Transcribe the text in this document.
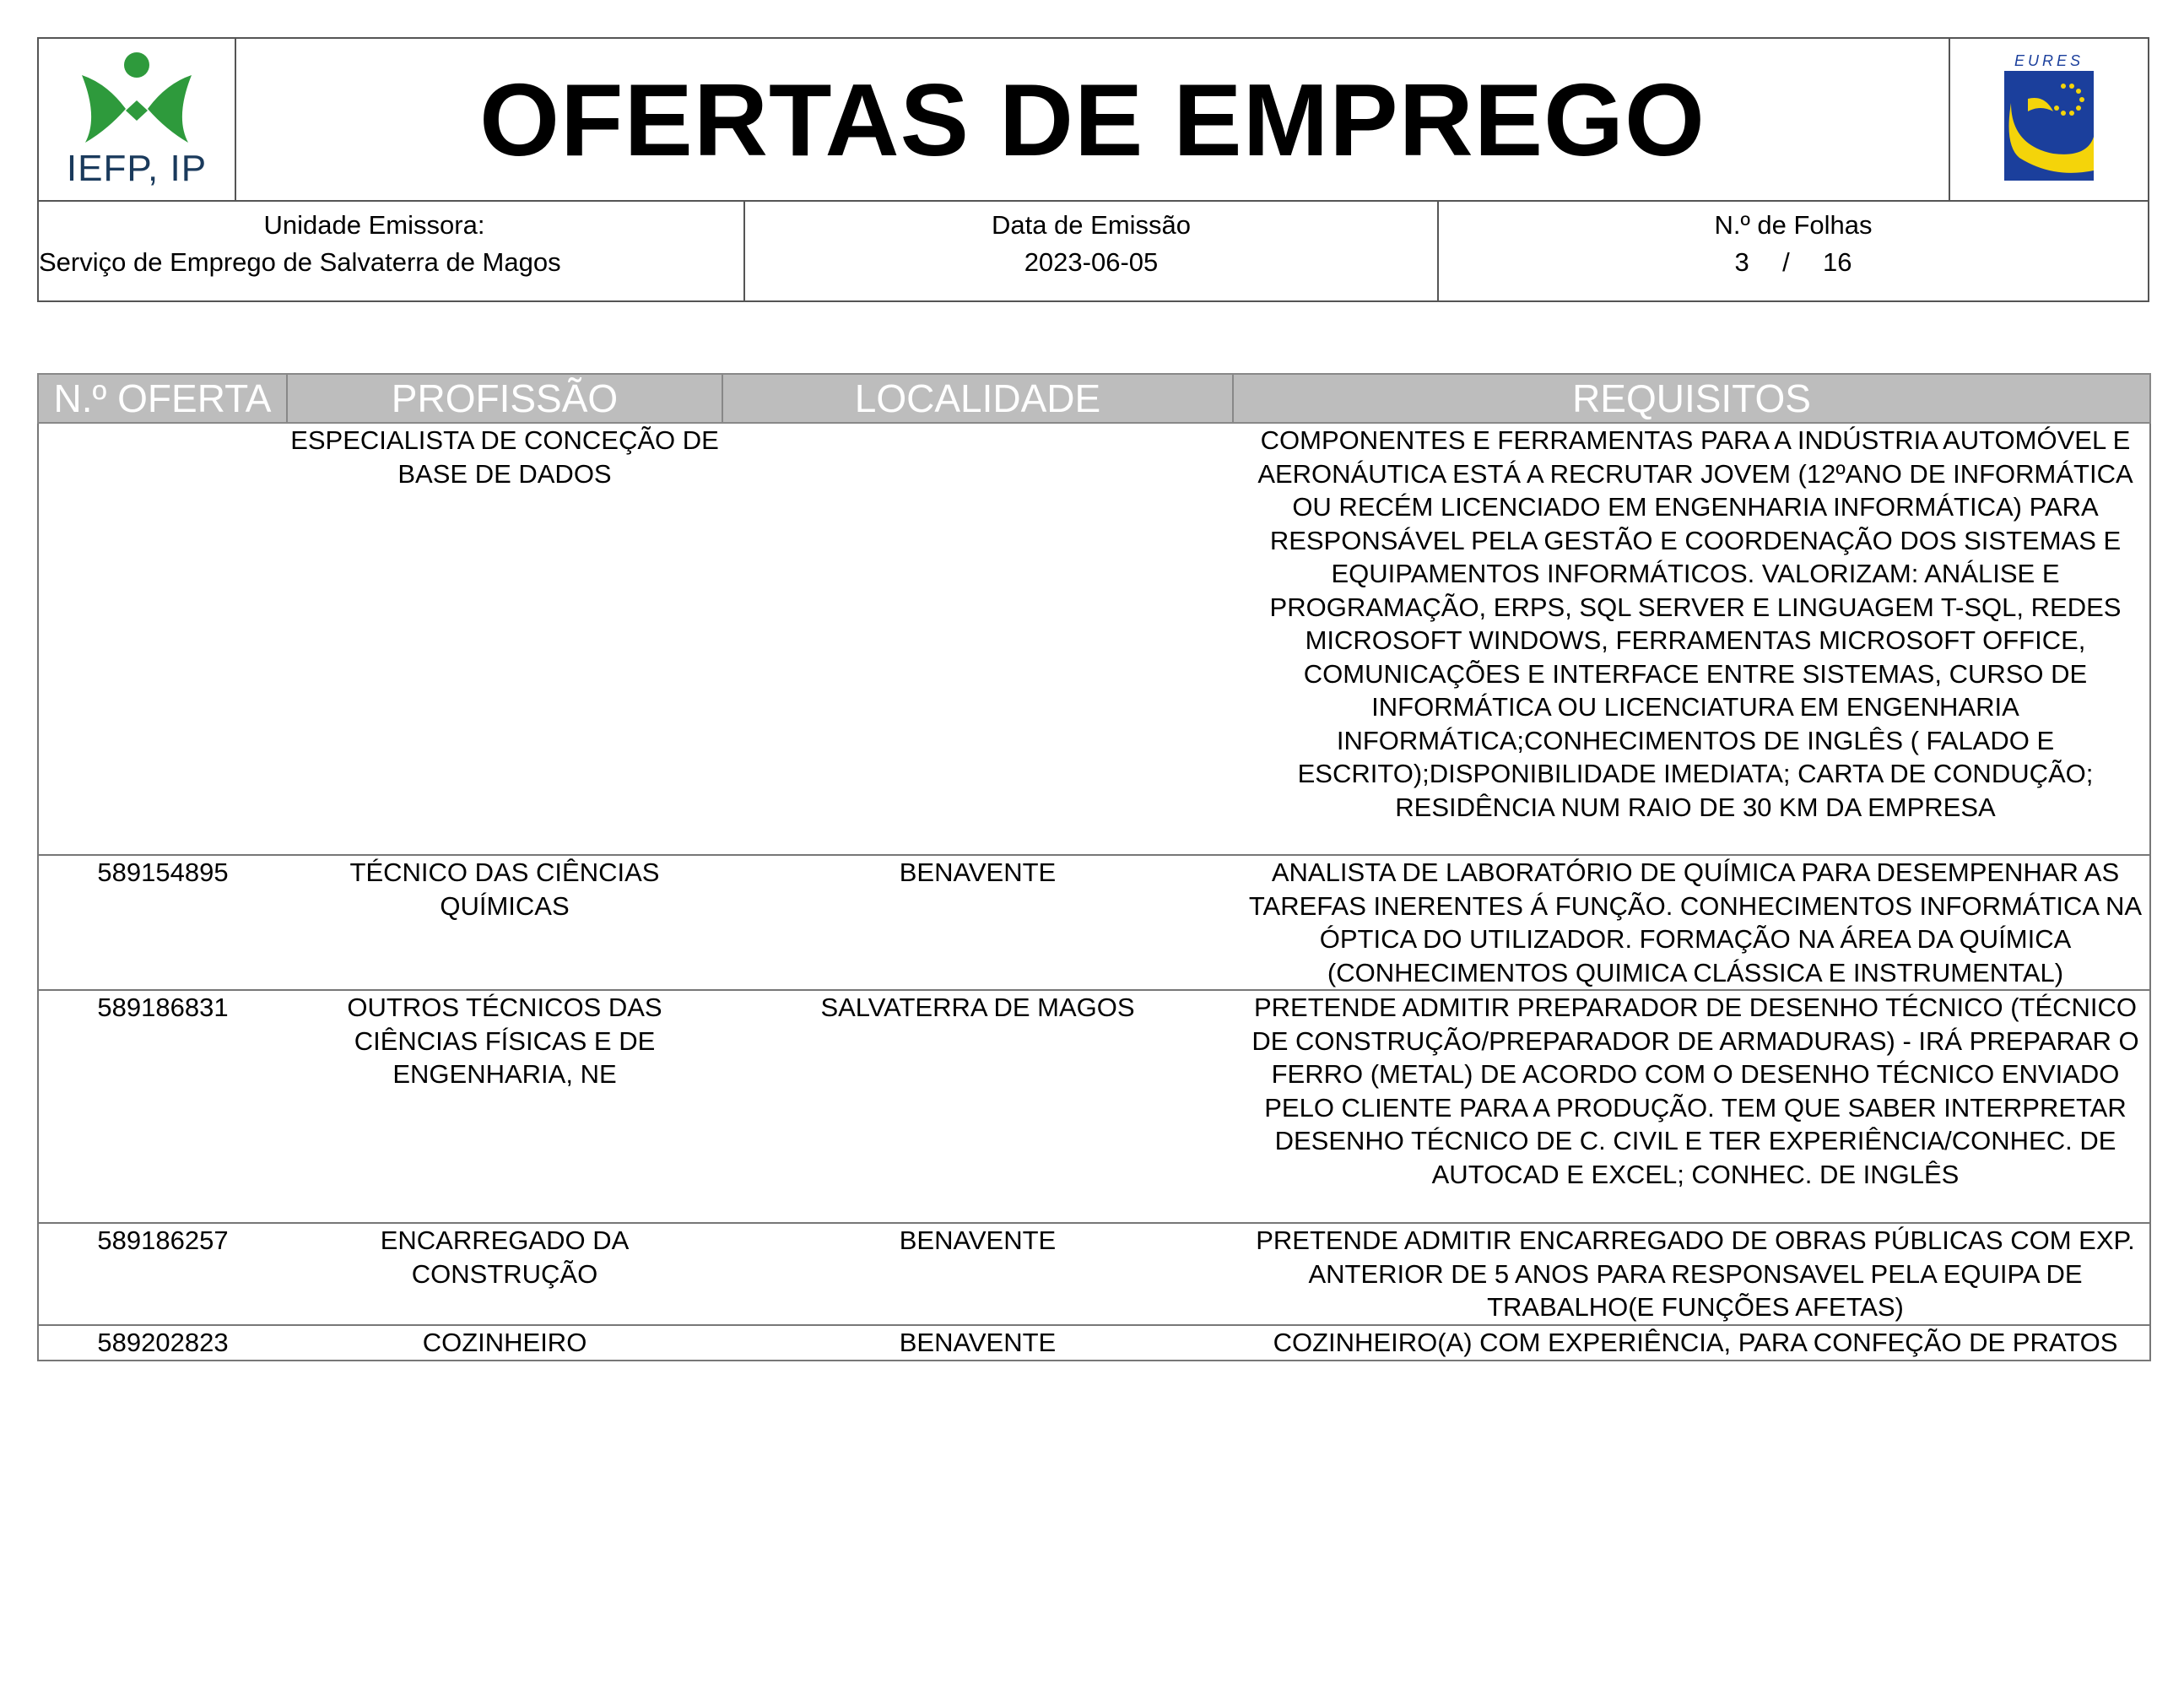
IEFP, IP	OFERTAS DE EMPREGO
EURES
Unidade Emissora:
Serviço de Emprego de Salvaterra de Magos
Data de Emissão
2023-06-05
N.º de Folhas
3 / 16
N.º OFERTA	PROFISSÃO	LOCALIDADE	REQUISITOS
	ESPECIALISTA DE CONCEÇÃO DE BASE DE DADOS		COMPONENTES E FERRAMENTAS PARA A INDÚSTRIA AUTOMÓVEL E AERONÁUTICA ESTÁ A RECRUTAR JOVEM (12ºANO DE INFORMÁTICA OU RECÉM LICENCIADO EM ENGENHARIA INFORMÁTICA) PARA RESPONSÁVEL PELA GESTÃO E COORDENAÇÃO DOS SISTEMAS E EQUIPAMENTOS INFORMÁTICOS. VALORIZAM: ANÁLISE E PROGRAMAÇÃO, ERPS, SQL SERVER E LINGUAGEM T-SQL, REDES MICROSOFT WINDOWS, FERRAMENTAS MICROSOFT OFFICE, COMUNICAÇÕES E INTERFACE ENTRE SISTEMAS, CURSO DE INFORMÁTICA OU LICENCIATURA EM ENGENHARIA INFORMÁTICA;CONHECIMENTOS DE INGLÊS ( FALADO E ESCRITO);DISPONIBILIDADE IMEDIATA; CARTA DE CONDUÇÃO; RESIDÊNCIA NUM RAIO DE 30 KM DA EMPRESA
589154895	TÉCNICO DAS CIÊNCIAS QUÍMICAS	BENAVENTE	ANALISTA DE LABORATÓRIO DE QUÍMICA PARA DESEMPENHAR AS TAREFAS INERENTES Á FUNÇÃO. CONHECIMENTOS INFORMÁTICA NA ÓPTICA DO UTILIZADOR. FORMAÇÃO NA ÁREA DA QUÍMICA (CONHECIMENTOS QUIMICA CLÁSSICA E INSTRUMENTAL)
589186831	OUTROS TÉCNICOS DAS CIÊNCIAS FÍSICAS E DE ENGENHARIA, NE	SALVATERRA DE MAGOS	PRETENDE ADMITIR PREPARADOR DE DESENHO TÉCNICO (TÉCNICO DE CONSTRUÇÃO/PREPARADOR DE ARMADURAS) - IRÁ PREPARAR O FERRO (METAL) DE ACORDO COM O DESENHO TÉCNICO ENVIADO PELO CLIENTE PARA A PRODUÇÃO. TEM QUE SABER INTERPRETAR DESENHO TÉCNICO DE C. CIVIL E TER EXPERIÊNCIA/CONHEC. DE AUTOCAD E EXCEL; CONHEC. DE INGLÊS
589186257	ENCARREGADO DA CONSTRUÇÃO	BENAVENTE	PRETENDE ADMITIR ENCARREGADO DE OBRAS PÚBLICAS COM EXP. ANTERIOR DE 5 ANOS PARA RESPONSAVEL PELA EQUIPA DE TRABALHO(E FUNÇÕES AFETAS)
589202823	COZINHEIRO	BENAVENTE	COZINHEIRO(A) COM EXPERIÊNCIA, PARA CONFEÇÃO DE PRATOS
